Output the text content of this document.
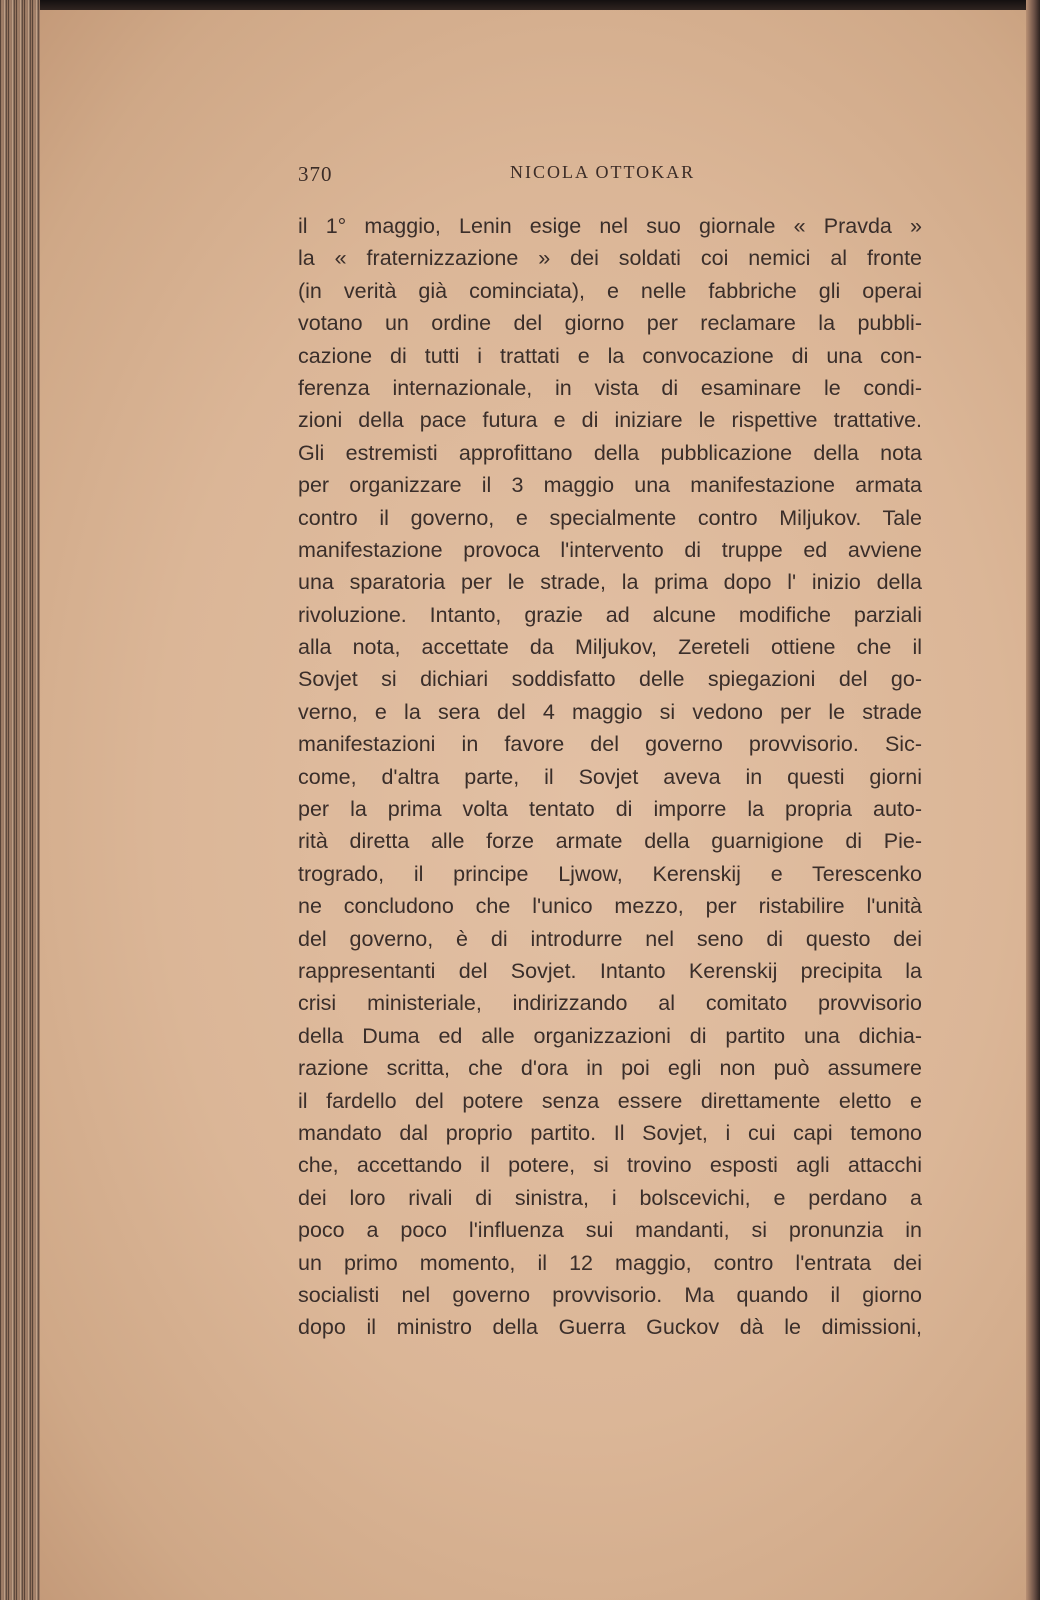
370	NICOLA OTTOKAR
il 1° maggio, Lenin esige nel suo giornale « Pravda »
la « fraternizzazione » dei soldati coi nemici al fronte
(in verità già cominciata), e nelle fabbriche gli operai
votano un ordine del giorno per reclamare la pubbli-
cazione di tutti i trattati e la convocazione di una con-
ferenza internazionale, in vista di esaminare le condi-
zioni della pace futura e di iniziare le rispettive trattative.
Gli estremisti approfittano della pubblicazione della nota
per organizzare il 3 maggio una manifestazione armata
contro il governo, e specialmente contro Miljukov. Tale
manifestazione provoca l'intervento di truppe ed avviene
una sparatoria per le strade, la prima dopo l' inizio della
rivoluzione. Intanto, grazie ad alcune modifiche parziali
alla nota, accettate da Miljukov, Zereteli ottiene che il
Sovjet si dichiari soddisfatto delle spiegazioni del go-
verno, e la sera del 4 maggio si vedono per le strade
manifestazioni in favore del governo provvisorio. Sic-
come, d'altra parte, il Sovjet aveva in questi giorni
per la prima volta tentato di imporre la propria auto-
rità diretta alle forze armate della guarnigione di Pie-
trogrado, il principe Ljwow, Kerenskij e Terescenko
ne concludono che l'unico mezzo, per ristabilire l'unità
del governo, è di introdurre nel seno di questo dei
rappresentanti del Sovjet. Intanto Kerenskij precipita la
crisi ministeriale, indirizzando al comitato provvisorio
della Duma ed alle organizzazioni di partito una dichia-
razione scritta, che d'ora in poi egli non può assumere
il fardello del potere senza essere direttamente eletto e
mandato dal proprio partito. Il Sovjet, i cui capi temono
che, accettando il potere, si trovino esposti agli attacchi
dei loro rivali di sinistra, i bolscevichi, e perdano a
poco a poco l'influenza sui mandanti, si pronunzia in
un primo momento, il 12 maggio, contro l'entrata dei
socialisti nel governo provvisorio. Ma quando il giorno
dopo il ministro della Guerra Guckov dà le dimissioni,
